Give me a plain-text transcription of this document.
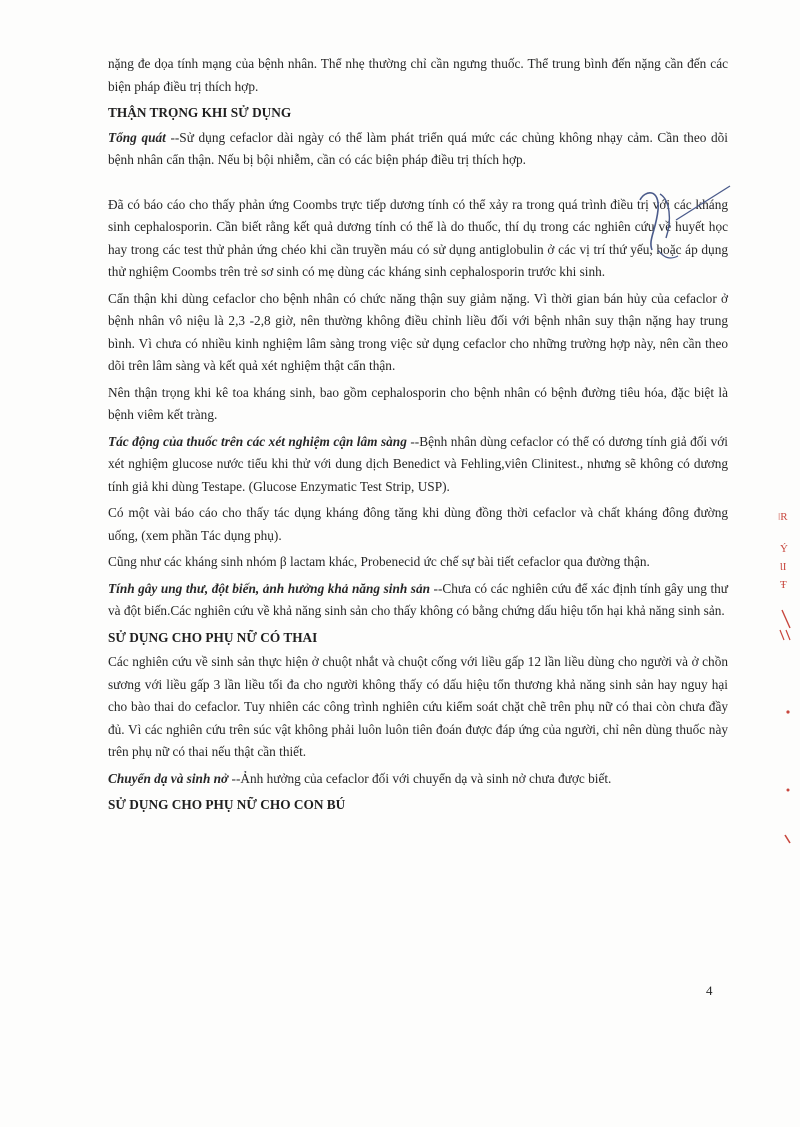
nặng đe dọa tính mạng của bệnh nhân. Thể nhẹ thường chỉ cần ngưng thuốc. Thể trung bình đến nặng cần đến các biện pháp điều trị thích hợp.

THẬN TRỌNG KHI SỬ DỤNG

Tổng quát --Sử dụng cefaclor dài ngày có thể làm phát triển quá mức các chủng không nhạy cảm. Cần theo dõi bệnh nhân cẩn thận. Nếu bị bội nhiễm, cần có các biện pháp điều trị thích hợp.

Đã có báo cáo cho thấy phản ứng Coombs trực tiếp dương tính có thể xảy ra trong quá trình điều trị với các kháng sinh cephalosporin. Cần biết rằng kết quả dương tính có thể là do thuốc, thí dụ trong các nghiên cứu về huyết học hay trong các test thử phản ứng chéo khi cần truyền máu có sử dụng antiglobulin ở các vị trí thứ yếu, hoặc áp dụng thử nghiệm Coombs trên trẻ sơ sinh có mẹ dùng các kháng sinh cephalosporin trước khi sinh.

Cẩn thận khi dùng cefaclor cho bệnh nhân có chức năng thận suy giảm nặng. Vì thời gian bán hủy của cefaclor ở bệnh nhân vô niệu là 2,3 -2,8 giờ, nên thường không điều chỉnh liều đối với bệnh nhân suy thận nặng hay trung bình. Vì chưa có nhiều kinh nghiệm lâm sàng trong việc sử dụng cefaclor cho những trường hợp này, nên cần theo dõi trên lâm sàng và kết quả xét nghiệm thật cẩn thận.

Nên thận trọng khi kê toa kháng sinh, bao gồm cephalosporin cho bệnh nhân có bệnh đường tiêu hóa, đặc biệt là bệnh viêm kết tràng.

Tác động của thuốc trên các xét nghiệm cận lâm sàng --Bệnh nhân dùng cefaclor có thể có dương tính giả đối với xét nghiệm glucose nước tiểu khi thử với dung dịch Benedict và Fehling,viên Clinitest., nhưng sẽ không có dương tính giả khi dùng Testape. (Glucose Enzymatic Test Strip, USP).

Có một vài báo cáo cho thấy tác dụng kháng đông tăng khi dùng đồng thời cefaclor và chất kháng đông đường uống, (xem phần Tác dụng phụ).

Cũng như các kháng sinh nhóm β lactam khác, Probenecid ức chế sự bài tiết cefaclor qua đường thận.

Tính gây ung thư, đột biến, ảnh hưởng khả năng sinh sản --Chưa có các nghiên cứu để xác định tính gây ung thư và đột biến.Các nghiên cứu về khả năng sinh sản cho thấy không có bằng chứng dấu hiệu tổn hại khả năng sinh sản.

SỬ DỤNG CHO PHỤ NỮ CÓ THAI

Các nghiên cứu về sinh sản thực hiện ở chuột nhắt và chuột cống với liều gấp 12 lần liều dùng cho người và ở chồn sương với liều gấp 3 lần liều tối đa cho người không thấy có dấu hiệu tổn thương khả năng sinh sản hay nguy hại cho bào thai do cefaclor. Tuy nhiên các công trình nghiên cứu kiểm soát chặt chẽ trên phụ nữ có thai còn chưa đầy đủ. Vì các nghiên cứu trên súc vật không phải luôn luôn tiên đoán được đáp ứng của người, chỉ nên dùng thuốc này trên phụ nữ có thai nếu thật cần thiết.

Chuyển dạ và sinh nở --Ảnh hưởng của cefaclor đối với chuyển dạ và sinh nở chưa được biết.

SỬ DỤNG CHO PHỤ NỮ CHO CON BÚ
4
ǀR
Ý
ƖI
Ŧ
